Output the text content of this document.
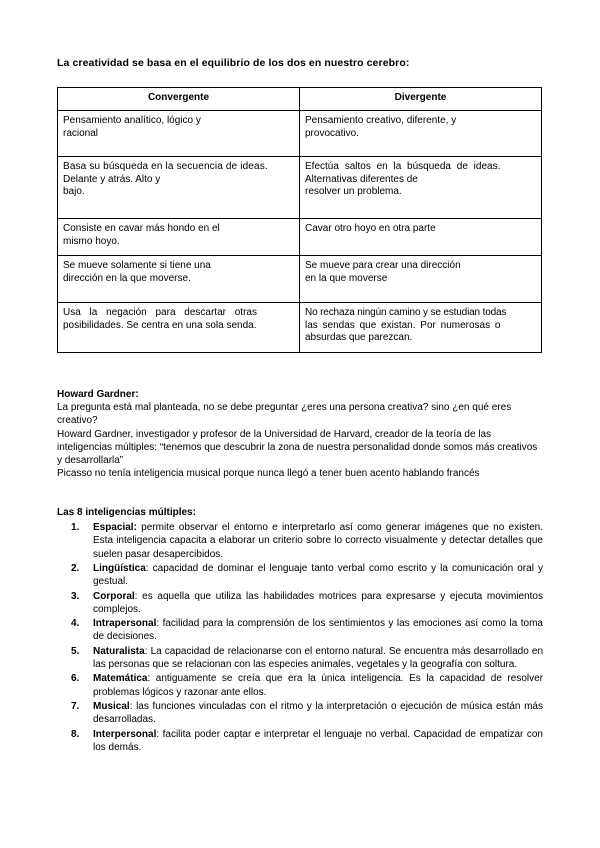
La creatividad se basa en el equilibrio de los dos en nuestro cerebro:
Convergente	Divergente

Pensamiento analítico, lógico y
racional	Pensamiento creativo, diferente, y
provocativo.

Basa su búsqueda en la secuencia de ideas.
Delante y atrás. Alto y
bajo.	Efectúa saltos en la búsqueda de ideas.
Alternativas diferentes de
resolver un problema.

Consiste en cavar más hondo en el
mismo hoyo.	Cavar otro hoyo en otra parte

Se mueve solamente si tiene una
dirección en la que moverse.	Se mueve para crear una dirección
en la que moverse

Usa la negación para descartar otras
posibilidades. Se centra en una sola senda.	No rechaza ningún camino y se estudian todas
las sendas que existan. Por numerosas o
absurdas que parezcan.
Howard Gardner:
La pregunta está mal planteada, no se debe preguntar ¿eres una persona creativa? sino ¿en qué eres creativo?
Howard Gardner, investigador y profesor de la Universidad de Harvard, creador de la teoría de las inteligencias múltiples: “tenemos que descubrir la zona de nuestra personalidad donde somos más creativos y desarrollarla”
Picasso no tenía inteligencia musical porque nunca llegó a tener buen acento hablando francés
Las 8 inteligencias múltiples:
1. Espacial: permite observar el entorno e interpretarlo así como generar imágenes que no existen. Esta inteligencia capacita a elaborar un criterio sobre lo correcto visualmente y detectar detalles que suelen pasar desapercibidos.
2. Lingüística: capacidad de dominar el lenguaje tanto verbal como escrito y la comunicación oral y gestual.
3. Corporal: es aquella que utiliza las habilidades motrices para expresarse y ejecuta movimientos complejos.
4. Intrapersonal: facilidad para la comprensión de los sentimientos y las emociones así como la toma de decisiones.
5. Naturalista: La capacidad de relacionarse con el entorno natural. Se encuentra más desarrollado en las personas que se relacionan con las especies animales, vegetales y la geografía con soltura.
6. Matemática: antiguamente se creía que era la única inteligencia. Es la capacidad de resolver problemas lógicos y razonar ante ellos.
7. Musical: las funciones vinculadas con el ritmo y la interpretación o ejecución de música están más desarrolladas.
8. Interpersonal: facilita poder captar e interpretar el lenguaje no verbal. Capacidad de empatizar con los demás.
